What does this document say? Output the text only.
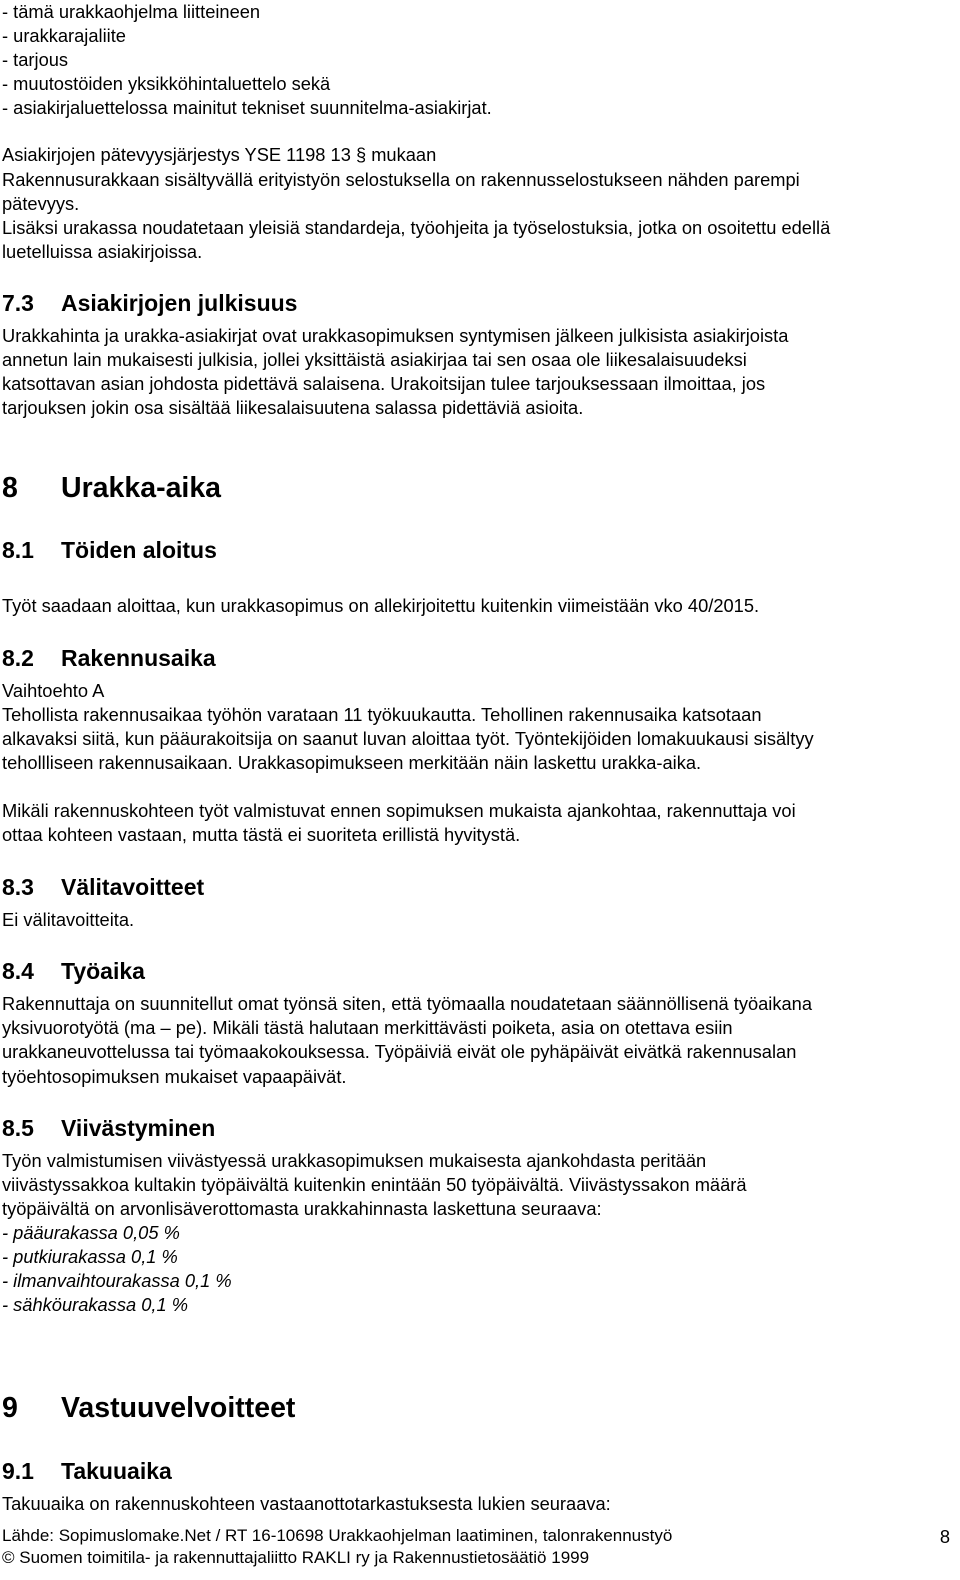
- tämä urakkaohjelma liitteineen
- urakkarajaliite
- tarjous
- muutostöiden yksikköhintaluettelo sekä
- asiakirjaluettelossa mainitut tekniset suunnitelma-asiakirjat.
Asiakirjojen pätevyysjärjestys YSE 1198 13 § mukaan
Rakennusurakkaan sisältyvällä erityistyön selostuksella on rakennusselostukseen nähden parempi
pätevyys.
Lisäksi urakassa noudatetaan yleisiä standardeja, työohjeita ja työselostuksia, jotka on osoitettu edellä
luetelluissa asiakirjoissa.
7.3 Asiakirjojen julkisuus
Urakkahinta ja urakka-asiakirjat ovat urakkasopimuksen syntymisen jälkeen julkisista asiakirjoista
annetun lain mukaisesti julkisia, jollei yksittäistä asiakirjaa tai sen osaa ole liikesalaisuudeksi
katsottavan asian johdosta pidettävä salaisena. Urakoitsijan tulee tarjouksessaan ilmoittaa, jos
tarjouksen jokin osa sisältää liikesalaisuutena salassa pidettäviä asioita.
8 Urakka-aika
8.1 Töiden aloitus
Työt saadaan aloittaa, kun urakkasopimus on allekirjoitettu kuitenkin viimeistään vko 40/2015.
8.2 Rakennusaika
Vaihtoehto A
Tehollista rakennusaikaa työhön varataan 11 työkuukautta. Tehollinen rakennusaika katsotaan
alkavaksi siitä, kun pääurakoitsija on saanut luvan aloittaa työt. Työntekijöiden lomakuukausi sisältyy
tehollliseen rakennusaikaan. Urakkasopimukseen merkitään näin laskettu urakka-aika.
Mikäli rakennuskohteen työt valmistuvat ennen sopimuksen mukaista ajankohtaa, rakennuttaja voi
ottaa kohteen vastaan, mutta tästä ei suoriteta erillistä hyvitystä.
8.3 Välitavoitteet
Ei välitavoitteita.
8.4 Työaika
Rakennuttaja on suunnitellut omat työnsä siten, että työmaalla noudatetaan säännöllisenä työaikana
yksivuorotyötä (ma – pe). Mikäli tästä halutaan merkittävästi poiketa, asia on otettava esiin
urakkaneuvottelussa tai työmaakokouksessa. Työpäiviä eivät ole pyhäpäivät eivätkä rakennusalan
työehtosopimuksen mukaiset vapaapäivät.
8.5 Viivästyminen
Työn valmistumisen viivästyessä urakkasopimuksen mukaisesta ajankohdasta peritään
viivästyssakkoa kultakin työpäivältä kuitenkin enintään 50 työpäivältä. Viivästyssakon määrä
työpäivältä on arvonlisäverottomasta urakkahinnasta laskettuna seuraava:
- pääurakassa 0,05 %
- putkiurakassa 0,1 %
- ilmanvaihtourakassa 0,1 %
- sähköurakassa 0,1 %
9 Vastuuvelvoitteet
9.1 Takuuaika
Takuuaika on rakennuskohteen vastaanottotarkastuksesta lukien seuraava:
Lähde: Sopimuslomake.Net / RT 16-10698 Urakkaohjelman laatiminen, talonrakennustyö	8
© Suomen toimitila- ja rakennuttajaliitto RAKLI ry ja Rakennustietosäätiö 1999
